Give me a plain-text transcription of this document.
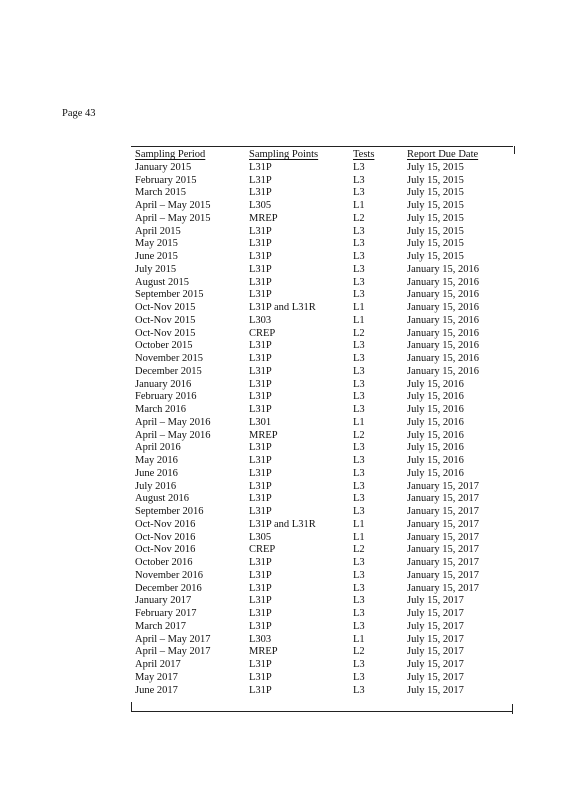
Page 43
Sampling Period	Sampling Points	Tests	Report Due Date
January 2015	L31P	L3	July 15, 2015
February 2015	L31P	L3	July 15, 2015
March 2015	L31P	L3	July 15, 2015
April – May 2015	L305	L1	July 15, 2015
April – May 2015	MREP	L2	July 15, 2015
April 2015	L31P	L3	July 15, 2015
May 2015	L31P	L3	July 15, 2015
June 2015	L31P	L3	July 15, 2015
July 2015	L31P	L3	January 15, 2016
August 2015	L31P	L3	January 15, 2016
September 2015	L31P	L3	January 15, 2016
Oct-Nov 2015	L31P and L31R	L1	January 15, 2016
Oct-Nov 2015	L303	L1	January 15, 2016
Oct-Nov 2015	CREP	L2	January 15, 2016
October 2015	L31P	L3	January 15, 2016
November 2015	L31P	L3	January 15, 2016
December 2015	L31P	L3	January 15, 2016
January 2016	L31P	L3	July 15, 2016
February 2016	L31P	L3	July 15, 2016
March 2016	L31P	L3	July 15, 2016
April – May 2016	L301	L1	July 15, 2016
April – May 2016	MREP	L2	July 15, 2016
April 2016	L31P	L3	July 15, 2016
May 2016	L31P	L3	July 15, 2016
June 2016	L31P	L3	July 15, 2016
July 2016	L31P	L3	January 15, 2017
August 2016	L31P	L3	January 15, 2017
September 2016	L31P	L3	January 15, 2017
Oct-Nov 2016	L31P and L31R	L1	January 15, 2017
Oct-Nov 2016	L305	L1	January 15, 2017
Oct-Nov 2016	CREP	L2	January 15, 2017
October 2016	L31P	L3	January 15, 2017
November 2016	L31P	L3	January 15, 2017
December 2016	L31P	L3	January 15, 2017
January 2017	L31P	L3	July 15, 2017
February 2017	L31P	L3	July 15, 2017
March 2017	L31P	L3	July 15, 2017
April – May 2017	L303	L1	July 15, 2017
April – May 2017	MREP	L2	July 15, 2017
April 2017	L31P	L3	July 15, 2017
May 2017	L31P	L3	July 15, 2017
June 2017	L31P	L3	July 15, 2017
